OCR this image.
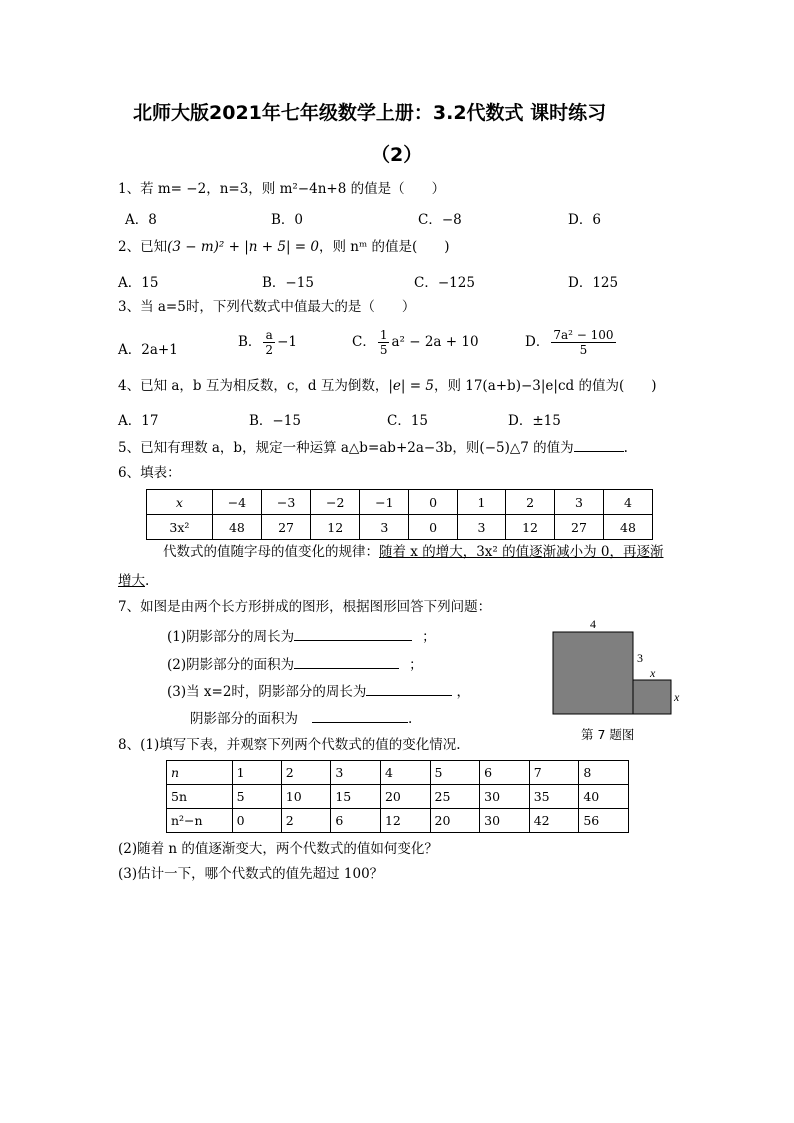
北师大版2021年七年级数学上册：3.2代数式 课时练习
（2）
1、若 m= −2，n=3，则 m²−4n+8 的值是（　　）
A．8	B．0	C．−8	D．6
2、已知(3 − m)² + |n + 5| = 0，则 nᵐ 的值是(　　)
A．15	B．−15	C．−125	D．125
3、当 a=5时，下列代数式中值最大的是（　　）
A．2a+1	B． $\frac{a}{2} -1$	C． $\frac{1}{5} a^2 - 2a + 10$	D． $\frac{\text{7a² − 100}}{5}$
4、已知 a，b 互为相反数，c，d 互为倒数，|e| = 5，则 17(a+b)−3|e|cd 的值为(　　)
A．17	B．−15	C．15	D．±15
5、已知有理数 a，b，规定一种运算 a△b=ab+2a−3b，则(−5)△7 的值为	.
6、填表：
x	−4	−3	−2	−1	0	1	2	3	4
3x²	48	27	12	3	0	3	12	27	48
代数式的值随字母的值变化的规律：随着 x 的增大，3x² 的值逐渐减小为 0，再逐渐
增大.
7、如图是由两个长方形拼成的图形，根据图形回答下列问题：
(1)阴影部分的周长为	；
(2)阴影部分的面积为	；
(3)当 x=2时，阴影部分的周长为	，
阴影部分的面积为	.
4
3
x
x
第 7 题图
8、(1)填写下表，并观察下列两个代数式的值的变化情况.
n	1	2	3	4	5	6	7	8
5n	5	10	15	20	25	30	35	40
n²−n	0	2	6	12	20	30	42	56
(2)随着 n 的值逐渐变大，两个代数式的值如何变化？
(3)估计一下，哪个代数式的值先超过 100？
